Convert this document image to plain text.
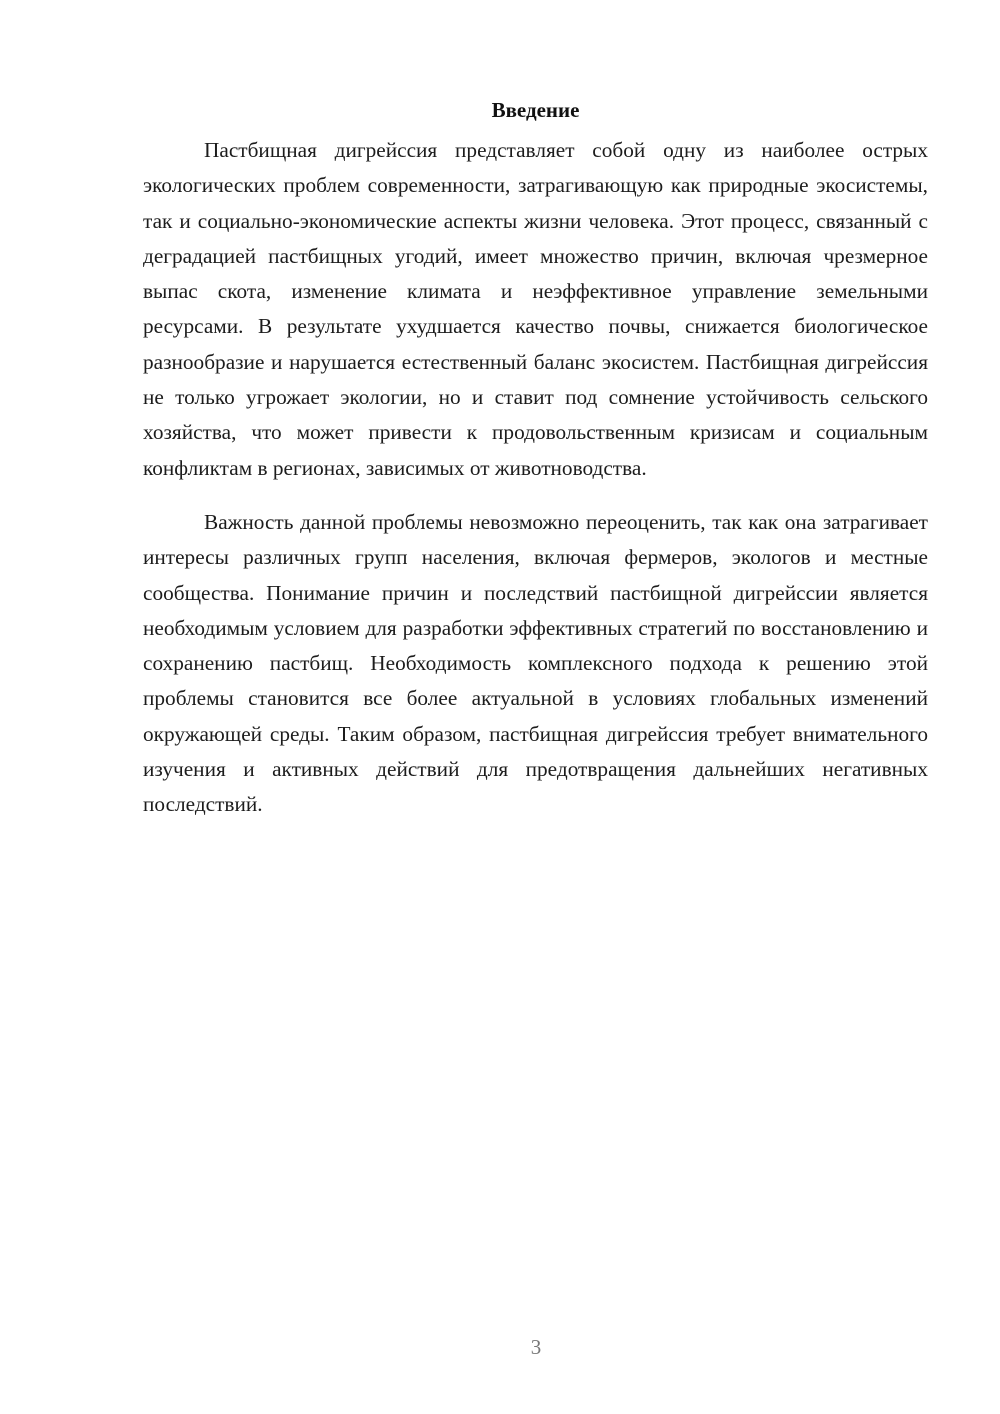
Введение

Пастбищная дигрейссия представляет собой одну из наиболее острых экологических проблем современности, затрагивающую как природные экосистемы, так и социально-экономические аспекты жизни человека. Этот процесс, связанный с деградацией пастбищных угодий, имеет множество причин, включая чрезмерное выпас скота, изменение климата и неэффективное управление земельными ресурсами. В результате ухудшается качество почвы, снижается биологическое разнообразие и нарушается естественный баланс экосистем. Пастбищная дигрейссия не только угрожает экологии, но и ставит под сомнение устойчивость сельского хозяйства, что может привести к продовольственным кризисам и социальным конфликтам в регионах, зависимых от животноводства.

Важность данной проблемы невозможно переоценить, так как она затрагивает интересы различных групп населения, включая фермеров, экологов и местные сообщества. Понимание причин и последствий пастбищной дигрейссии является необходимым условием для разработки эффективных стратегий по восстановлению и сохранению пастбищ. Необходимость комплексного подхода к решению этой проблемы становится все более актуальной в условиях глобальных изменений окружающей среды. Таким образом, пастбищная дигрейссия требует внимательного изучения и активных действий для предотвращения дальнейших негативных последствий.

3
